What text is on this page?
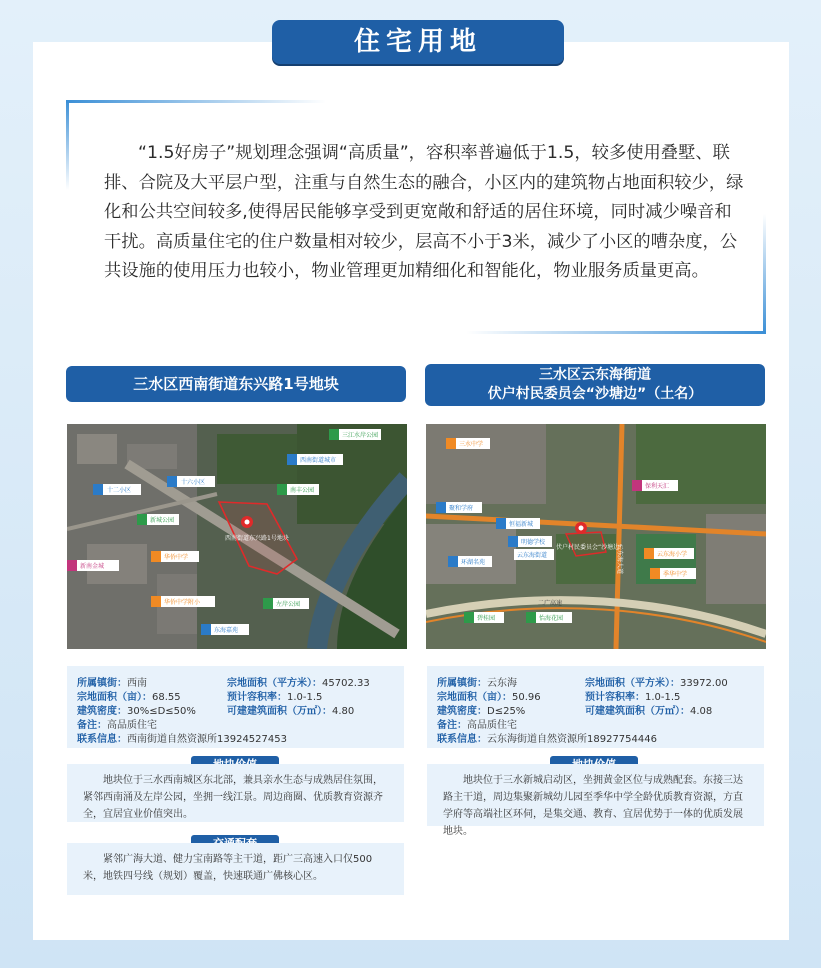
住宅用地

“1.5好房子”规划理念强调“高质量”，容积率普遍低于1.5，较多使用叠墅、联排、合院及大平层户型，注重与自然生态的融合，小区内的建筑物占地面积较少，绿化和公共空间较多,使得居民能够享受到更宽敞和舒适的居住环境，同时减少噪音和干扰。高质量住宅的住户数量相对较少，层高不小于3米，减少了小区的嘈杂度，公共设施的使用压力也较小，物业管理更加精细化和智能化，物业服务质量更高。

三水区西南街道东兴路1号地块
西南街道东兴路1号地块
十二小区
十六小区
西南街道城市
三江水岸公园
南丰公园
新城公园
华侨中学
新南金城
华侨中学附小	左岸公园
东海嘉苑
所属镇街：西南	宗地面积（平方米）：45702.33
宗地面积（亩）：68.55	预计容积率：1.0-1.5
建筑密度：30%≤D≤50%	可建建筑面积（万㎡）：4.80
备注：高品质住宅
联系信息：西南街道自然资源所13924527453
地块位于三水西南城区东北部，兼具亲水生态与成熟居住氛围，紧邻西南涌及左岸公园，坐拥一线江景。周边商圈、优质教育资源齐全，宜居宜业价值突出。
紧邻广海大道、健力宝南路等主干道，距广三高速入口仅500米，地铁四号线（规划）覆盖，快速联通广佛核心区。
三水区云东海街道
伏户村民委员会“沙塘边”（土名）
伏户村民委员会“沙塘边”
三水中学
聚和学府
恒福新城
明德学校
环湖名苑
云东海街道	云东海小学
季华中学
二广高速
云东海大道
碧桂园	怡海花园
保利天汇
所属镇街：云东海	宗地面积（平方米）：33972.00
宗地面积（亩）：50.96	预计容积率：1.0-1.5
建筑密度：D≤25%	可建建筑面积（万㎡）：4.08
备注：高品质住宅
联系信息：云东海街道自然资源所18927754446
地块位于三水新城启动区，坐拥黄金区位与成熟配套。东接三达路主干道，周边集聚新城幼儿园至季华中学全龄优质教育资源，方直学府等高端社区环伺，是集交通、教育、宜居优势于一体的优质发展地块。
